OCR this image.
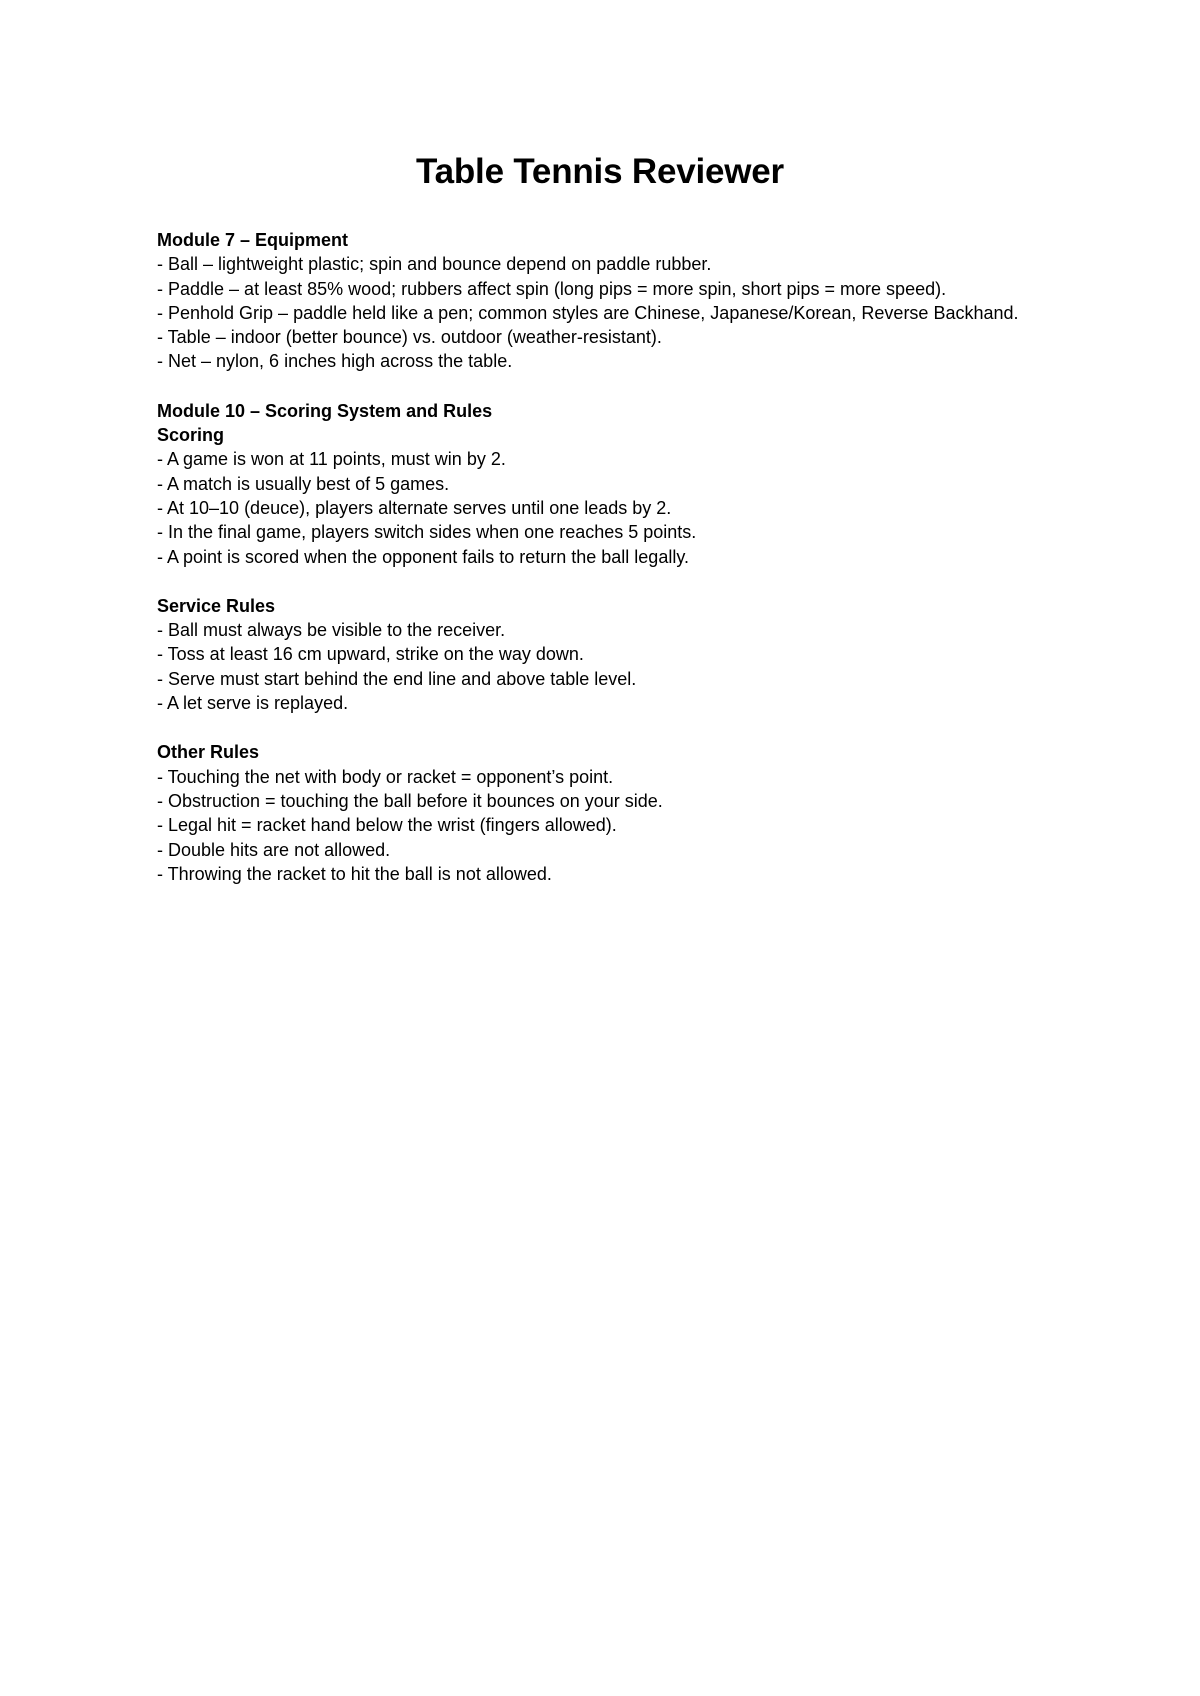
Table Tennis Reviewer

Module 7 – Equipment

- Ball – lightweight plastic; spin and bounce depend on paddle rubber.

- Paddle – at least 85% wood; rubbers affect spin (long pips = more spin, short pips = more speed).

- Penhold Grip – paddle held like a pen; common styles are Chinese, Japanese/Korean, Reverse Backhand.

- Table – indoor (better bounce) vs. outdoor (weather-resistant).

- Net – nylon, 6 inches high across the table.

Module 10 – Scoring System and Rules

Scoring

- A game is won at 11 points, must win by 2.

- A match is usually best of 5 games.

- At 10–10 (deuce), players alternate serves until one leads by 2.

- In the final game, players switch sides when one reaches 5 points.

- A point is scored when the opponent fails to return the ball legally.

Service Rules

- Ball must always be visible to the receiver.

- Toss at least 16 cm upward, strike on the way down.

- Serve must start behind the end line and above table level.

- A let serve is replayed.

Other Rules

- Touching the net with body or racket = opponent’s point.

- Obstruction = touching the ball before it bounces on your side.

- Legal hit = racket hand below the wrist (fingers allowed).

- Double hits are not allowed.

- Throwing the racket to hit the ball is not allowed.
